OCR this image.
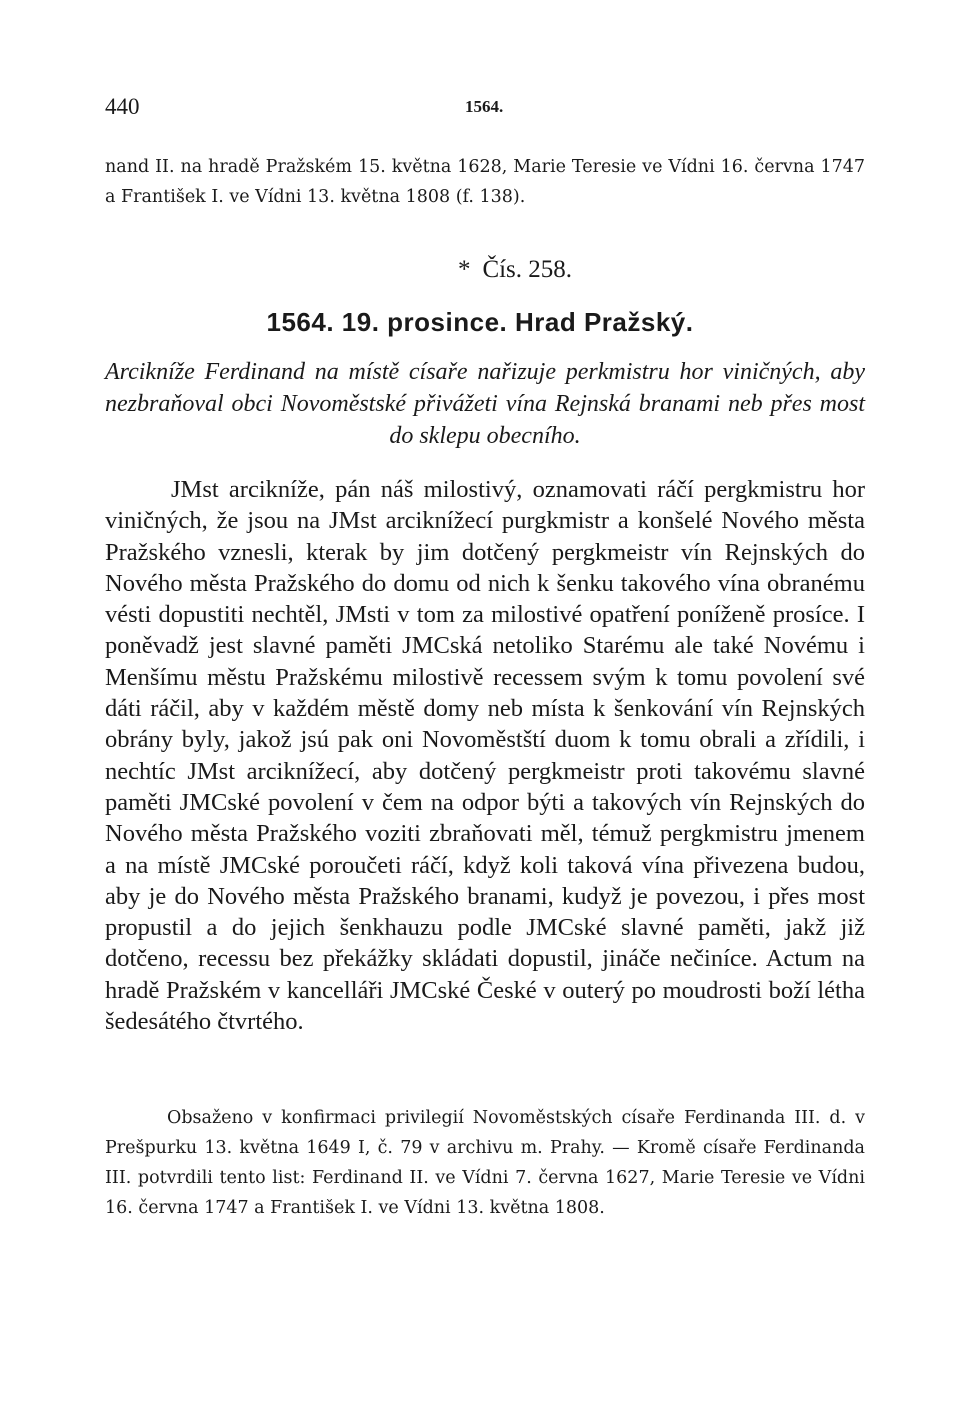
440	1564.
nand II. na hradě Pražském 15. května 1628, Marie Teresie ve Vídni 16. června 1747 a František I. ve Vídni 13. května 1808 (f. 138).
* Čís. 258.
1564. 19. prosince. Hrad Pražský.
Arcikníže Ferdinand na místě císaře nařizuje perkmistru hor viničných, aby nezbraňoval obci Novoměstské přivážeti vína Rejnská branami neb přes most do sklepu obecního.
JMst arcikníže, pán náš milostivý, oznamovati ráčí pergkmistru hor viničných, že jsou na JMst arciknížecí purgkmistr a konšelé Nového města Pražského vznesli, kterak by jim dotčený pergkmeistr vín Rejnských do Nového města Pražského do domu od nich k šenku takového vína obranému vésti dopustiti nechtěl, JMsti v tom za milostivé opatření poníženě prosíce. I poněvadž jest slavné paměti JMCská netoliko Starému ale také Novému i Menšímu městu Pražskému milostivě recessem svým k tomu povolení své dáti ráčil, aby v každém městě domy neb místa k šenkování vín Rejnských obrány byly, jakož jsú pak oni Novoměstští duom k tomu obrali a zřídili, i nechtíc JMst arciknížecí, aby dotčený pergkmeistr proti takovému slavné paměti JMCské povolení v čem na odpor býti a takových vín Rejnských do Nového města Pražského voziti zbraňovati měl, témuž pergkmistru jmenem a na místě JMCské poroučeti ráčí, když koli taková vína přivezena budou, aby je do Nového města Pražského branami, kudyž je povezou, i přes most propustil a do jejich šenkhauzu podle JMCské slavné paměti, jakž již dotčeno, recessu bez překážky skládati dopustil, jináče nečiníce. Actum na hradě Pražském v kancelláři JMCské České v outerý po moudrosti boží létha šedesátého čtvrtého.
Obsaženo v konfirmaci privilegií Novoměstských císaře Ferdinanda III. d. v Prešpurku 13. května 1649 I, č. 79 v archivu m. Prahy. — Kromě císaře Ferdinanda III. potvrdili tento list: Ferdinand II. ve Vídni 7. června 1627, Marie Teresie ve Vídni 16. června 1747 a František I. ve Vídni 13. května 1808.
